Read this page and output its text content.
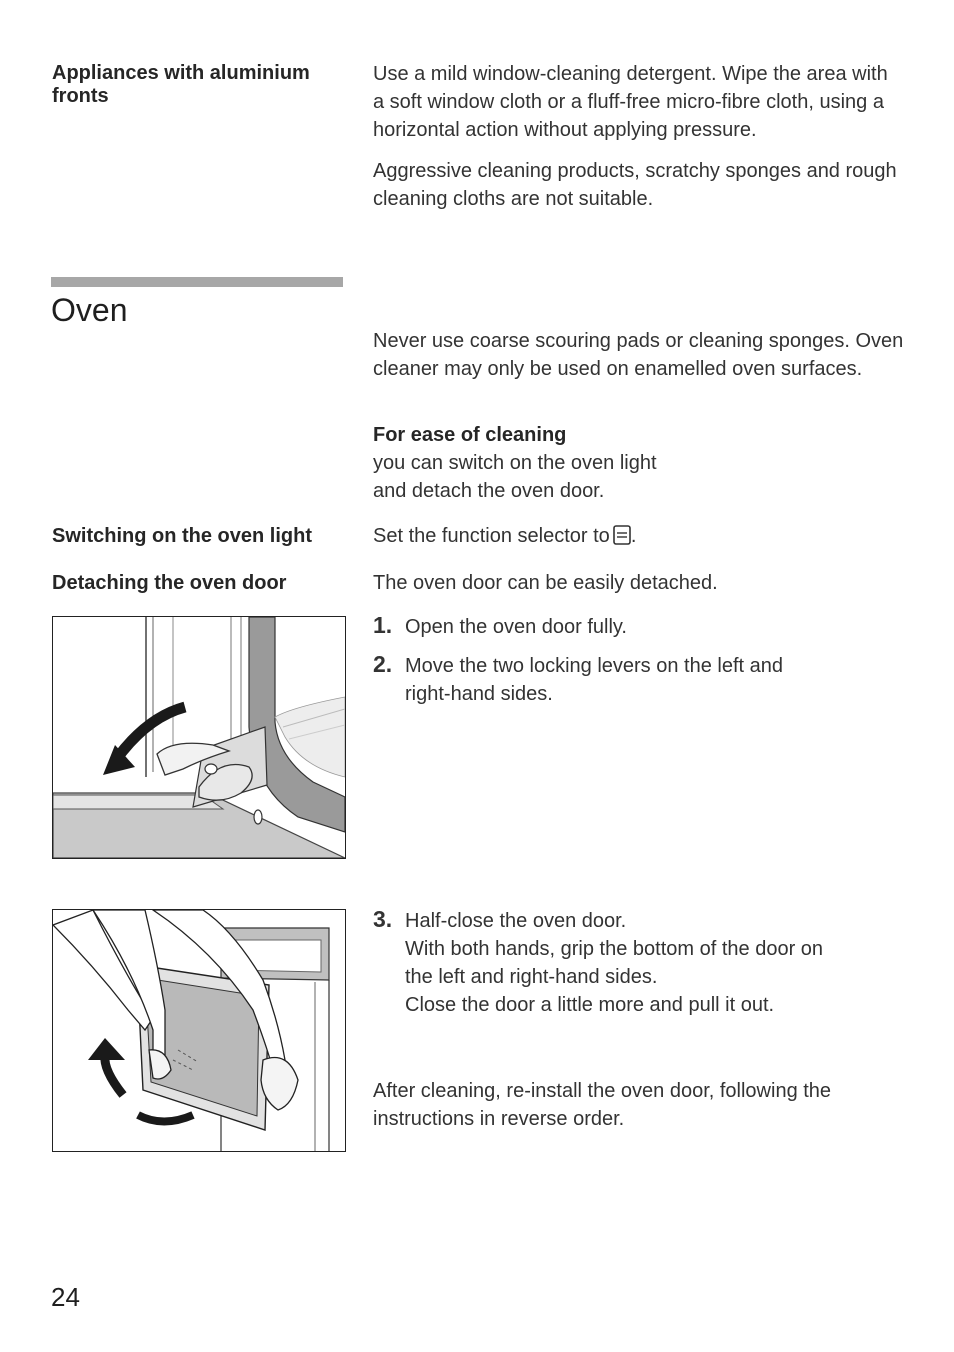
Appliances with aluminium fronts

Use a mild window-cleaning detergent. Wipe the area with a soft window cloth or a fluff-free micro-fibre cloth, using a horizontal action without applying pressure.

Aggressive cleaning products, scratchy sponges and rough cleaning cloths are not suitable.

Oven

Never use coarse scouring pads or cleaning sponges. Oven cleaner may only be used on enamelled oven surfaces.

For ease of cleaning
you can switch on the oven light
and detach the oven door.
Switching on the oven light	Set the function selector to .
Detaching the oven door	The oven door can be easily detached.
1. Open the oven door fully.
2. Move the two locking levers on the left and
right-hand sides.
3. Half-close the oven door.
With both hands, grip the bottom of the door on
the left and right-hand sides.
Close the door a little more and pull it out.

After cleaning, re-install the oven door, following the instructions in reverse order.

24
